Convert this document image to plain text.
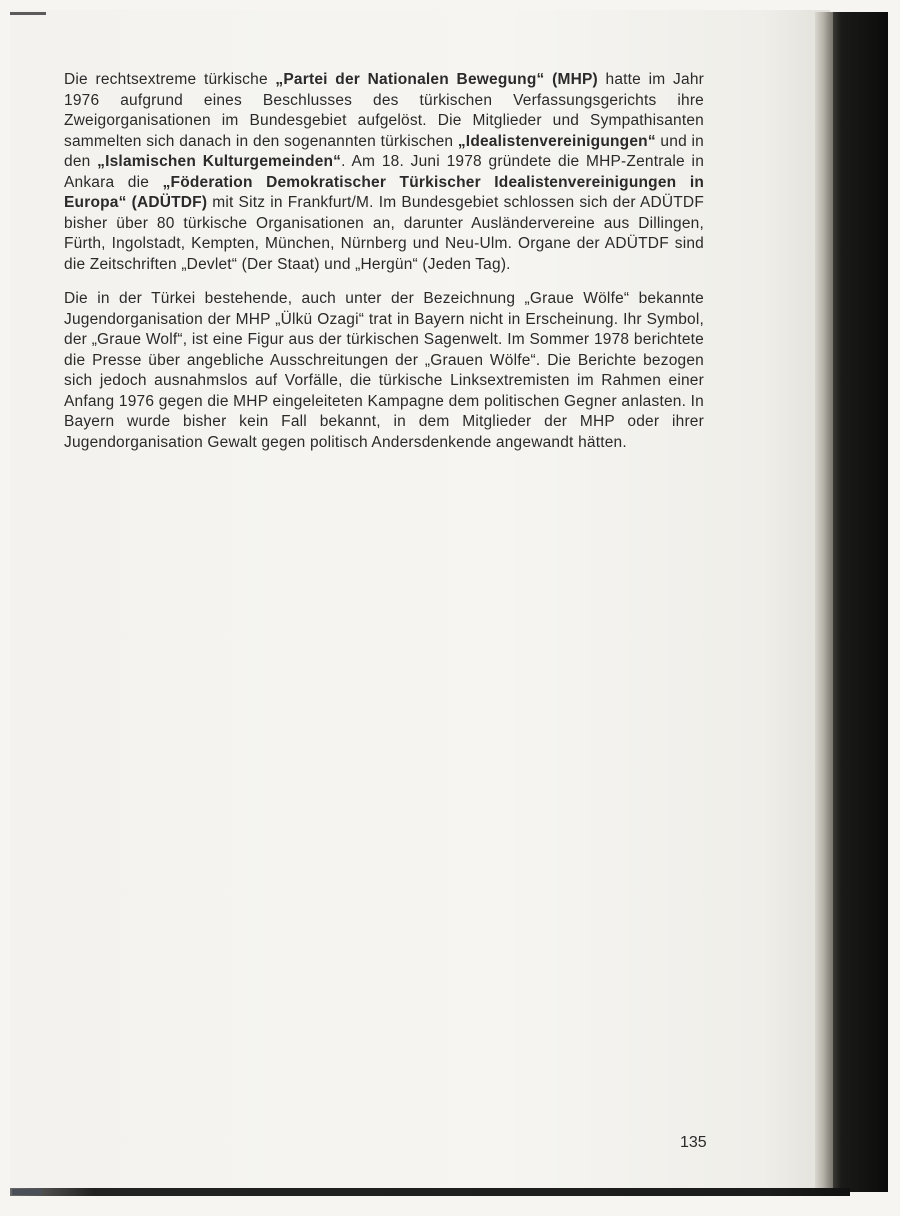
Die rechtsextreme türkische „Partei der Nationalen Bewegung“ (MHP) hatte im Jahr 1976 aufgrund eines Beschlusses des türkischen Verfassungsgerichts ihre Zweigorganisationen im Bundesgebiet aufgelöst. Die Mitglieder und Sympathisanten sammelten sich danach in den sogenannten türkischen „Idealistenvereinigungen“ und in den „Islamischen Kulturgemeinden“. Am 18. Juni 1978 gründete die MHP-Zentrale in Ankara die „Föderation Demokratischer Türkischer Idealistenvereinigungen in Europa“ (ADÜTDF) mit Sitz in Frankfurt/M. Im Bundesgebiet schlossen sich der ADÜTDF bisher über 80 türkische Organisationen an, darunter Ausländervereine aus Dillingen, Fürth, Ingolstadt, Kempten, München, Nürnberg und Neu-Ulm. Organe der ADÜTDF sind die Zeitschriften „Devlet“ (Der Staat) und „Hergün“ (Jeden Tag).

Die in der Türkei bestehende, auch unter der Bezeichnung „Graue Wölfe“ bekannte Jugendorganisation der MHP „Ülkü Ozagi“ trat in Bayern nicht in Erscheinung. Ihr Symbol, der „Graue Wolf“, ist eine Figur aus der türkischen Sagenwelt. Im Sommer 1978 berichtete die Presse über angebliche Ausschreitungen der „Grauen Wölfe“. Die Berichte bezogen sich jedoch ausnahmslos auf Vorfälle, die türkische Linksextremisten im Rahmen einer Anfang 1976 gegen die MHP eingeleiteten Kampagne dem politischen Gegner anlasten. In Bayern wurde bisher kein Fall bekannt, in dem Mitglieder der MHP oder ihrer Jugendorganisation Gewalt gegen politisch Andersdenkende angewandt hätten.

135
